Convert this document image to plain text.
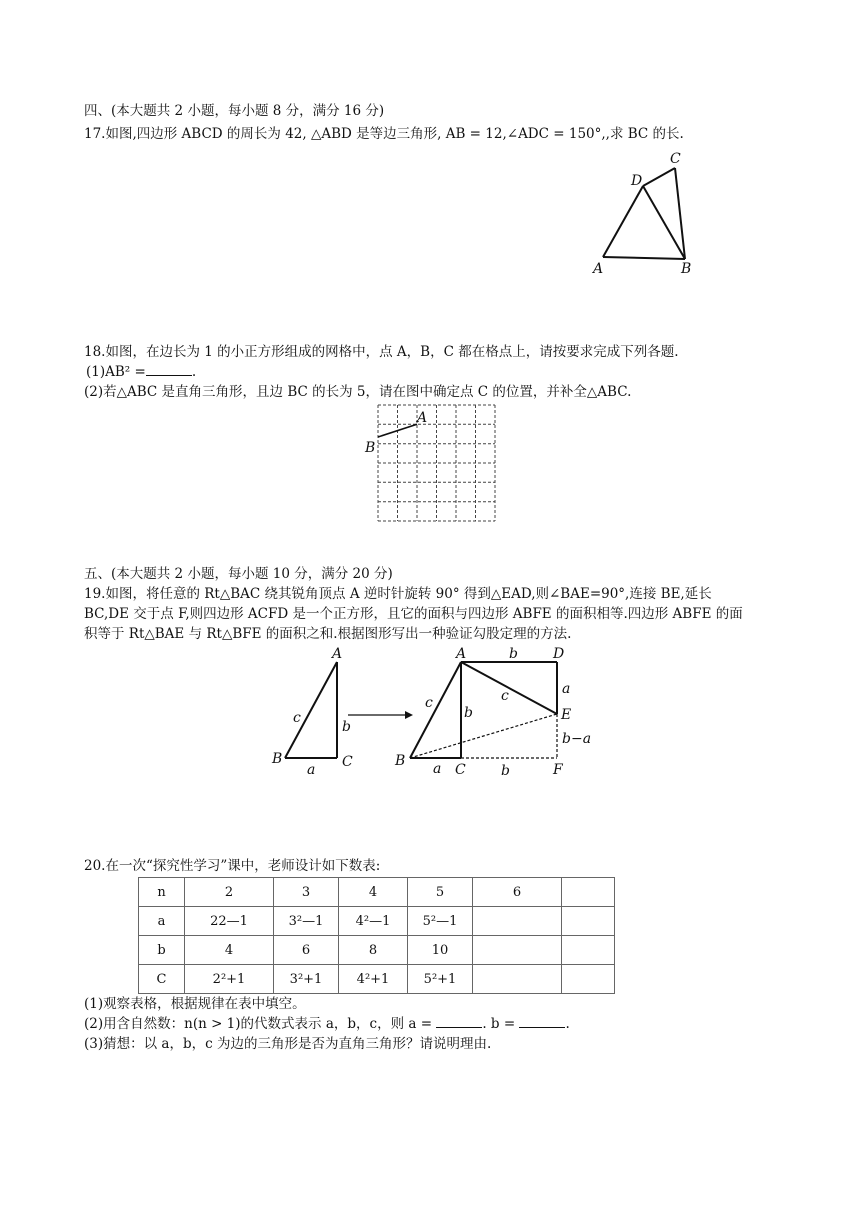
四、(本大题共 2 小题，每小题 8 分，满分 16 分)
17.如图,四边形 ABCD 的周长为 42, △ABD 是等边三角形, AB = 12,∠ADC = 150°,,求 BC 的长.
A	B
C
D
18.如图，在边长为 1 的小正方形组成的网格中，点 A，B，C 都在格点上，请按要求完成下列各题.
(1)AB² =	.
(2)若△ABC 是直角三角形，且边 BC 的长为 5，请在图中确定点 C 的位置，并补全△ABC.
A
B
五、(本大题共 2 小题，每小题 10 分，满分 20 分)
19.如图，将任意的 Rt△BAC 绕其锐角顶点 A 逆时针旋转 90° 得到△EAD,则∠BAE=90°,连接 BE,延长
BC,DE 交于点 F,则四边形 ACFD 是一个正方形，且它的面积与四边形 ABFE 的面积相等.四边形 ABFE 的面
积等于 Rt△BAE 与 Rt△BFE 的面积之和.根据图形写出一种验证勾股定理的方法.
A
B	C
a
b
c
A	D
E
F
B
C
b
a
c	c
b
a	b
b−a
20.在一次“探究性学习”课中，老师设计如下数表:
n	2	3	4	5	6	
a	22—1	3²—1	4²—1	5²—1		
b	4	6	8	10		
C	2²+1	3²+1	4²+1	5²+1		
(1)观察表格，根据规律在表中填空。
(2)用含自然数：n(n > 1)的代数式表示 a，b，c，则 a =	. b =	.
(3)猜想：以 a，b，c 为边的三角形是否为直角三角形？请说明理由.
